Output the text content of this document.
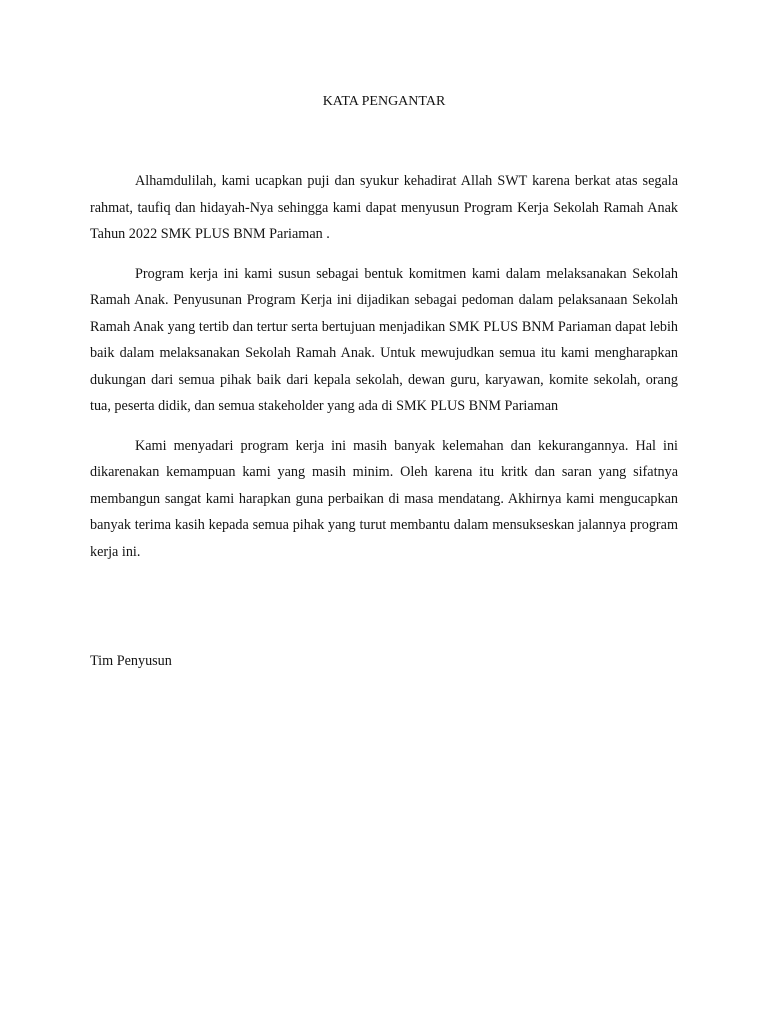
KATA PENGANTAR

Alhamdulilah, kami ucapkan puji dan syukur kehadirat Allah SWT karena berkat atas segala rahmat, taufiq dan hidayah-Nya sehingga kami dapat menyusun Program Kerja Sekolah Ramah Anak Tahun 2022 SMK PLUS BNM Pariaman .

Program kerja ini kami susun sebagai bentuk komitmen kami dalam melaksanakan Sekolah Ramah Anak. Penyusunan Program Kerja ini dijadikan sebagai pedoman dalam pelaksanaan Sekolah Ramah Anak yang tertib dan tertur serta bertujuan menjadikan SMK PLUS BNM Pariaman dapat lebih baik dalam melaksanakan Sekolah Ramah Anak. Untuk mewujudkan semua itu kami mengharapkan dukungan dari semua pihak baik dari kepala sekolah, dewan guru, karyawan, komite sekolah, orang tua, peserta didik, dan semua stakeholder yang ada di SMK PLUS BNM Pariaman

Kami menyadari program kerja ini masih banyak kelemahan dan kekurangannya. Hal ini dikarenakan kemampuan kami yang masih minim. Oleh karena itu kritk dan saran yang sifatnya membangun sangat kami harapkan guna perbaikan di masa mendatang. Akhirnya kami mengucapkan banyak terima kasih kepada semua pihak yang turut membantu dalam mensukseskan jalannya program kerja ini.

Tim Penyusun
